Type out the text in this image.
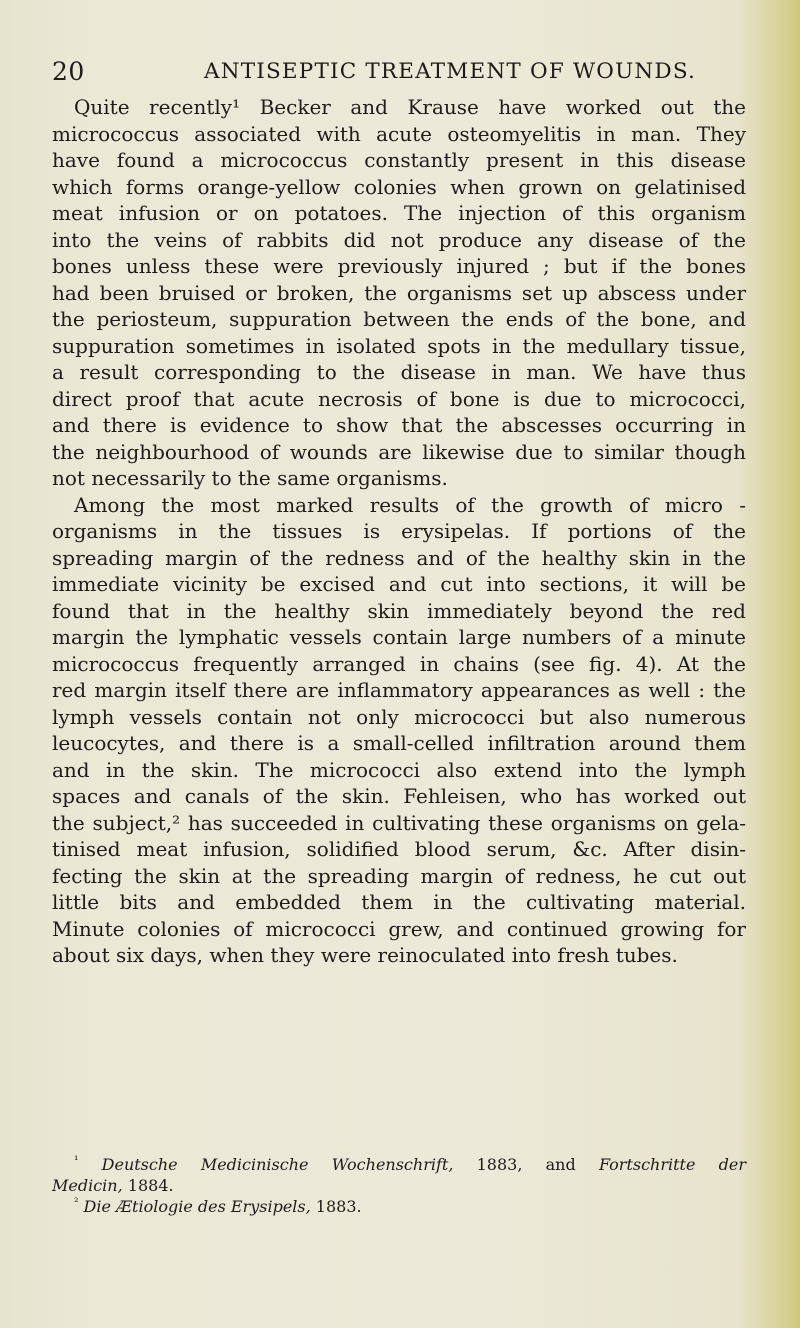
20	ANTISEPTIC TREATMENT OF WOUNDS.
Quite recently¹ Becker and Krause have worked out the
micrococcus associated with acute osteomyelitis in man. They
have found a micrococcus constantly present in this disease
which forms orange-yellow colonies when grown on gelatinised
meat infusion or on potatoes. The injection of this organism
into the veins of rabbits did not produce any disease of the
bones unless these were previously injured ; but if the bones
had been bruised or broken, the organisms set up abscess under
the periosteum, suppuration between the ends of the bone, and
suppuration sometimes in isolated spots in the medullary tissue,
a result corresponding to the disease in man. We have thus
direct proof that acute necrosis of bone is due to micrococci,
and there is evidence to show that the abscesses occurring in
the neighbourhood of wounds are likewise due to similar though
not necessarily to the same organisms.
Among the most marked results of the growth of micro -
organisms in the tissues is erysipelas. If portions of the
spreading margin of the redness and of the healthy skin in the
immediate vicinity be excised and cut into sections, it will be
found that in the healthy skin immediately beyond the red
margin the lymphatic vessels contain large numbers of a minute
micrococcus frequently arranged in chains (see fig. 4). At the
red margin itself there are inflammatory appearances as well : the
lymph vessels contain not only micrococci but also numerous
leucocytes, and there is a small-celled infiltration around them
and in the skin. The micrococci also extend into the lymph
spaces and canals of the skin. Fehleisen, who has worked out
the subject,² has succeeded in cultivating these organisms on gela-
tinised meat infusion, solidified blood serum, &c. After disin-
fecting the skin at the spreading margin of redness, he cut out
little bits and embedded them in the cultivating material.
Minute colonies of micrococci grew, and continued growing for
about six days, when they were reinoculated into fresh tubes.
$^{^1}$ Deutsche Medicinische Wochenschrift, 1883, and Fortschritte der
Medicin, 1884.
$^{^2}$ Die Ætiologie des Erysipels, 1883.
